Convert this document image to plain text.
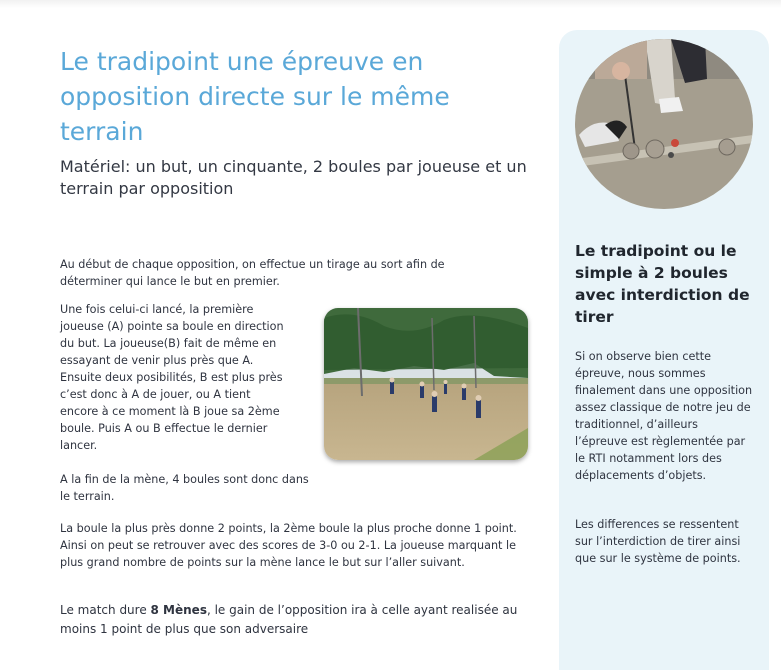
Le tradipoint une épreuve en opposition directe sur le même terrain

Matériel: un but, un cinquante, 2 boules par joueuse et un terrain par opposition

Au début de chaque opposition, on effectue un tirage au sort afin de déterminer qui lance le but en premier.

Une fois celui-ci lancé, la première joueuse (A) pointe sa boule en direction du but. La joueuse(B) fait de même en essayant de venir plus près que A. Ensuite deux posibilités, B est plus près c’est donc à A de jouer, ou A tient encore à ce moment là B joue sa 2ème boule. Puis A ou B effectue le dernier lancer.

A la fin de la mène, 4 boules sont donc dans le terrain.

La boule la plus près donne 2 points, la 2ème boule la plus proche donne 1 point. Ainsi on peut se retrouver avec des scores de 3-0 ou 2-1. La joueuse marquant le plus grand nombre de points sur la mène lance le but sur l’aller suivant.

Le match dure 8 Mènes, le gain de l’opposition ira à celle ayant realisée au moins 1 point de plus que son adversaire

Le tradipoint ou le simple à 2 boules avec interdiction de tirer

Si on observe bien cette épreuve, nous sommes finalement dans une opposition assez classique de notre jeu de traditionnel, d’ailleurs l’épreuve est règlementée par le RTI notamment lors des déplacements d’objets.

Les differences se ressentent sur l’interdiction de tirer ainsi que sur le système de points.
